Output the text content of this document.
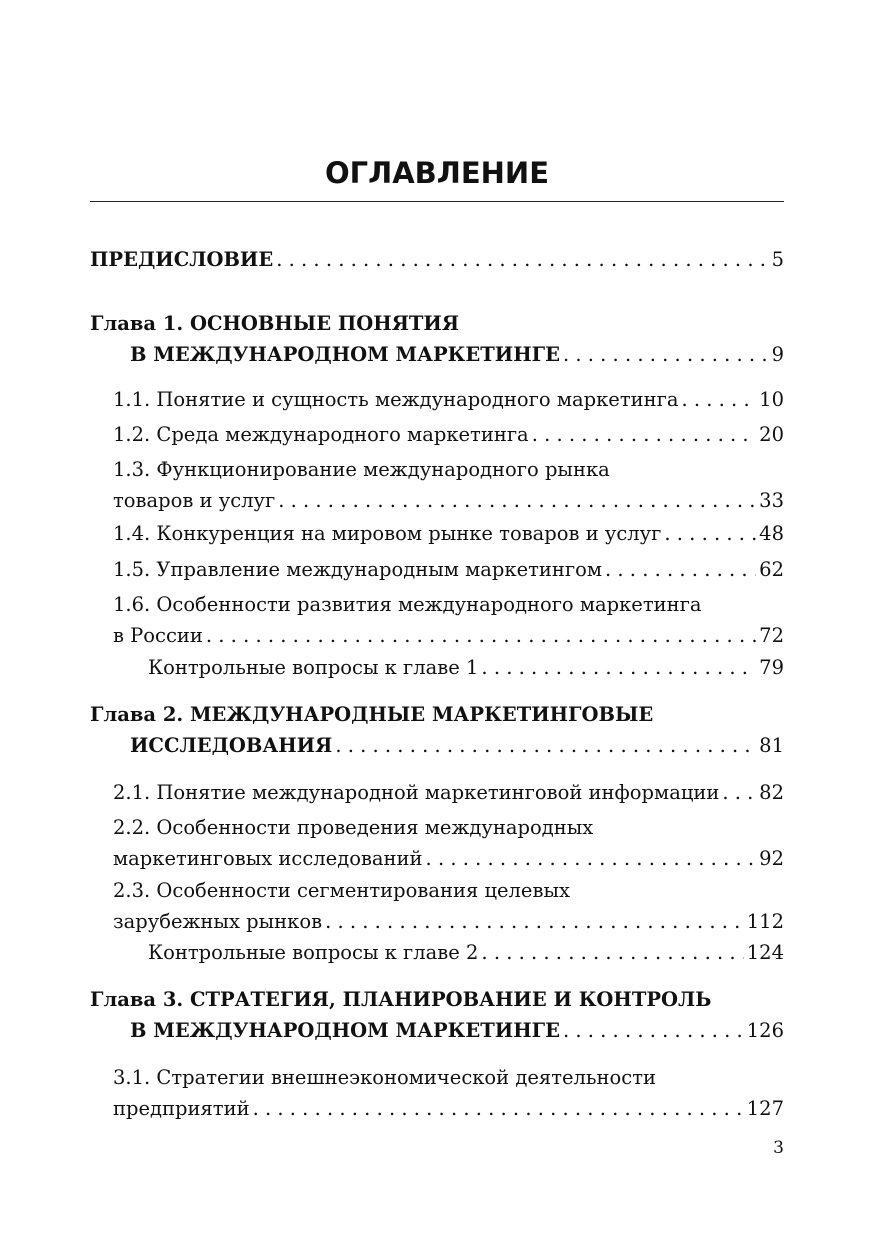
ОГЛАВЛЕНИЕ
ПРЕДИСЛОВИЕ . . .	5
Глава 1. ОСНОВНЫЕ ПОНЯТИЯ
В МЕЖДУНАРОДНОМ МАРКЕТИНГЕ . . .	9
1.1. Понятие и сущность международного маркетинга . . .	10
1.2. Среда международного маркетинга . . .	20
1.3. Функционирование международного рынка
товаров и услуг . . .	33
1.4. Конкуренция на мировом рынке товаров и услуг . . .	48
1.5. Управление международным маркетингом . . .	62
1.6. Особенности развития международного маркетинга
в России . . .	72
Контрольные вопросы к главе 1 . . .	79
Глава 2. МЕЖДУНАРОДНЫЕ МАРКЕТИНГОВЫЕ
ИССЛЕДОВАНИЯ . . .	81
2.1. Понятие международной маркетинговой информации . . . 82
2.2. Особенности проведения международных
маркетинговых исследований . . .	92
2.3. Особенности сегментирования целевых
зарубежных рынков . . .	112
Контрольные вопросы к главе 2 . . .	124
Глава 3. СТРАТЕГИЯ, ПЛАНИРОВАНИЕ И КОНТРОЛЬ
В МЕЖДУНАРОДНОМ МАРКЕТИНГЕ . . .	126
3.1. Стратегии внешнеэкономической деятельности
предприятий . . .	127
3
